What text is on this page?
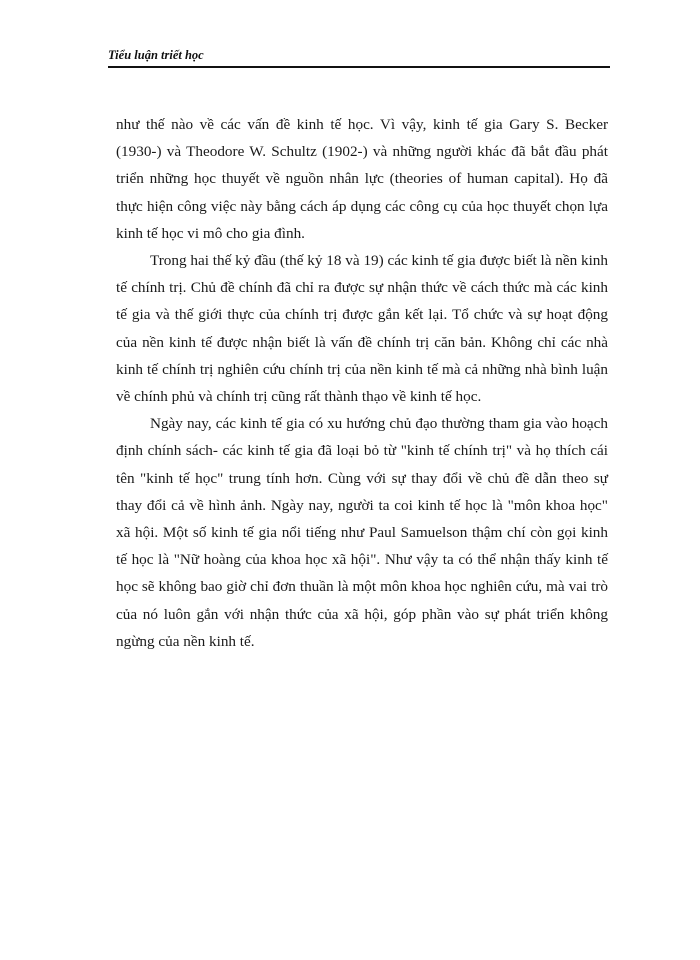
Tiểu luận triết học

như thế nào về các vấn đề kinh tế học. Vì vậy, kinh tế gia Gary S. Becker (1930-) và Theodore W. Schultz (1902-) và những người khác đã bắt đầu phát triển những học thuyết về nguồn nhân lực (theories of human capital). Họ đã thực hiện công việc này bằng cách áp dụng các công cụ của học thuyết chọn lựa kinh tế học vi mô cho gia đình.

Trong hai thế kỷ đầu (thế kỷ 18 và 19) các kinh tế gia được biết là nền kinh tế chính trị. Chủ đề chính đã chỉ ra được sự nhận thức về cách thức mà các kinh tế gia và thế giới thực của chính trị được gắn kết lại. Tổ chức và sự hoạt động của nền kinh tế được nhận biết là vấn đề chính trị căn bản. Không chỉ các nhà kinh tế chính trị nghiên cứu chính trị của nền kinh tế mà cả những nhà bình luận về chính phủ và chính trị cũng rất thành thạo về kinh tế học.

Ngày nay, các kinh tế gia có xu hướng chủ đạo thường tham gia vào hoạch định chính sách- các kinh tế gia đã loại bỏ từ "kinh tế chính trị" và họ thích cái tên "kinh tế học" trung tính hơn. Cùng với sự thay đổi về chủ đề dẫn theo sự thay đổi cả về hình ảnh. Ngày nay, người ta coi kinh tế học là "môn khoa học" xã hội. Một số kinh tế gia nổi tiếng như Paul Samuelson thậm chí còn gọi kinh tế học là "Nữ hoàng của khoa học xã hội". Như vậy ta có thể nhận thấy kinh tế học sẽ không bao giờ chỉ đơn thuần là một môn khoa học nghiên cứu, mà vai trò của nó luôn gắn với nhận thức của xã hội, góp phần vào sự phát triển không ngừng của nền kinh tế.
